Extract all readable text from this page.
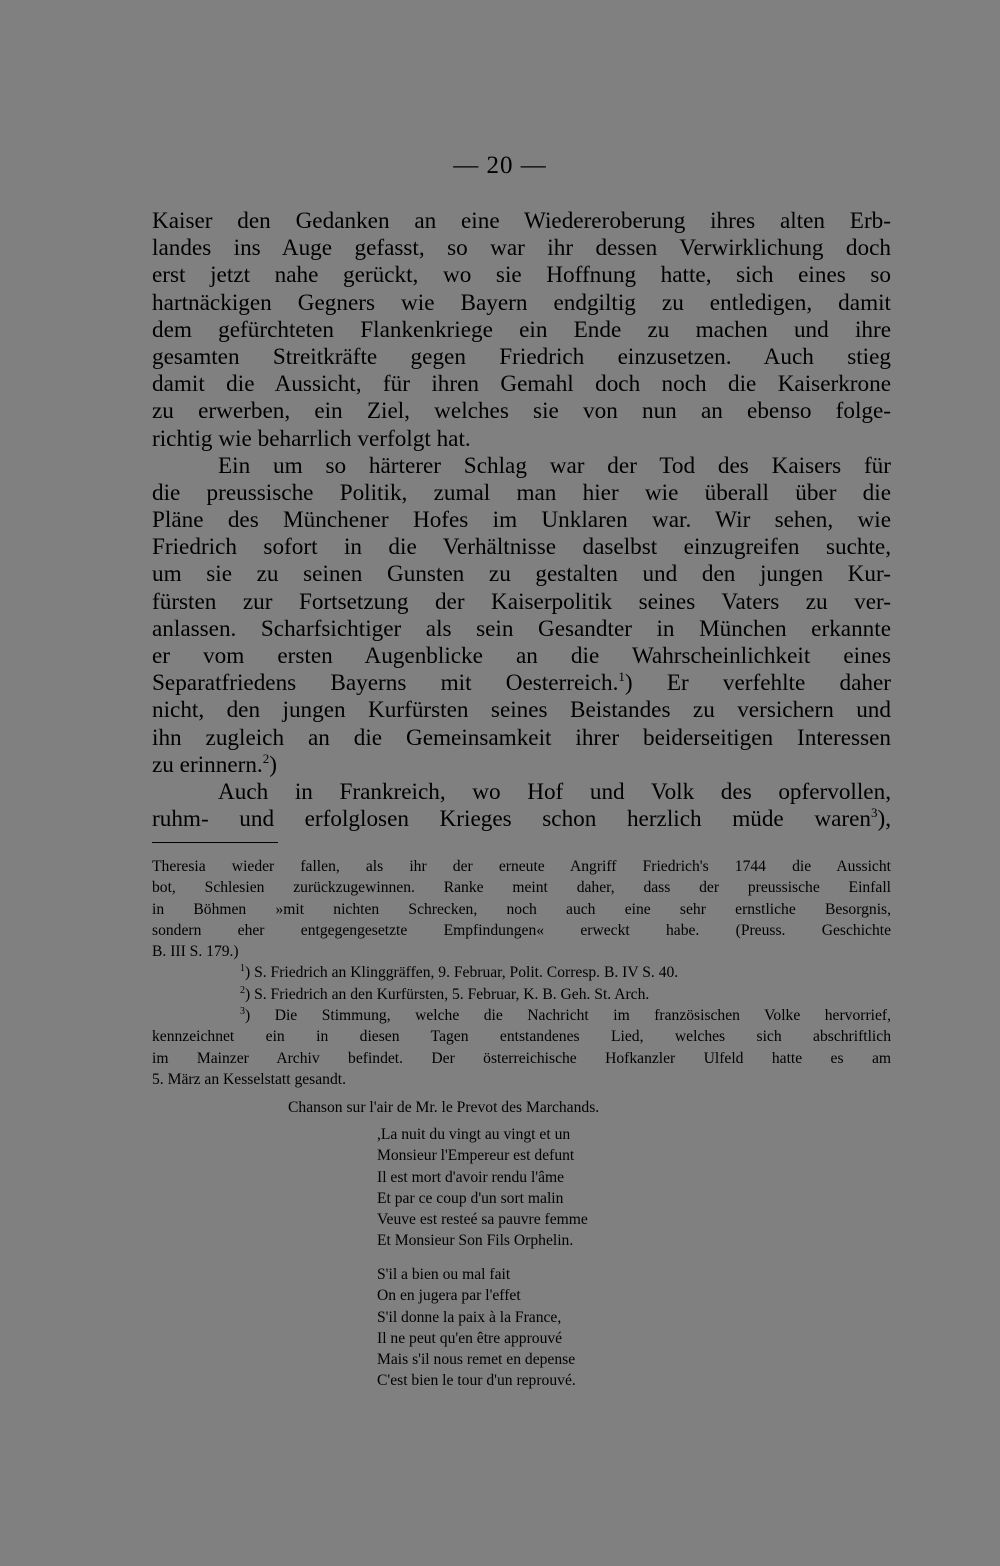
— 20 —
Kaiser den Gedanken an eine Wiedereroberung ihres alten Erb-
landes ins Auge gefasst, so war ihr dessen Verwirklichung doch
erst jetzt nahe gerückt, wo sie Hoffnung hatte, sich eines so
hartnäckigen Gegners wie Bayern endgiltig zu entledigen, damit
dem gefürchteten Flankenkriege ein Ende zu machen und ihre
gesamten Streitkräfte gegen Friedrich einzusetzen. Auch stieg
damit die Aussicht, für ihren Gemahl doch noch die Kaiserkrone
zu erwerben, ein Ziel, welches sie von nun an ebenso folge-
richtig wie beharrlich verfolgt hat.
Ein um so härterer Schlag war der Tod des Kaisers für
die preussische Politik, zumal man hier wie überall über die
Pläne des Münchener Hofes im Unklaren war. Wir sehen, wie
Friedrich sofort in die Verhältnisse daselbst einzugreifen suchte,
um sie zu seinen Gunsten zu gestalten und den jungen Kur-
fürsten zur Fortsetzung der Kaiserpolitik seines Vaters zu ver-
anlassen. Scharfsichtiger als sein Gesandter in München erkannte
er vom ersten Augenblicke an die Wahrscheinlichkeit eines
Separatfriedens Bayerns mit Oesterreich.$^1$) Er verfehlte daher
nicht, den jungen Kurfürsten seines Beistandes zu versichern und
ihn zugleich an die Gemeinsamkeit ihrer beiderseitigen Interessen
zu erinnern.$^2$)
Auch in Frankreich, wo Hof und Volk des opfervollen,
ruhm- und erfolglosen Krieges schon herzlich müde waren$^3$),
Theresia wieder fallen, als ihr der erneute Angriff Friedrich's 1744 die Aussicht
bot, Schlesien zurückzugewinnen. Ranke meint daher, dass der preussische Einfall
in Böhmen »mit nichten Schrecken, noch auch eine sehr ernstliche Besorgnis,
sondern eher entgegengesetzte Empfindungen« erweckt habe. (Preuss. Geschichte
B. III S. 179.)
$^1$) S. Friedrich an Klinggräffen, 9. Februar, Polit. Corresp. B. IV S. 40.
$^2$) S. Friedrich an den Kurfürsten, 5. Februar, K. B. Geh. St. Arch.
$^3$) Die Stimmung, welche die Nachricht im französischen Volke hervorrief,
kennzeichnet ein in diesen Tagen entstandenes Lied, welches sich abschriftlich
im Mainzer Archiv befindet. Der österreichische Hofkanzler Ulfeld hatte es am
5. März an Kesselstatt gesandt.
Chanson sur l'air de Mr. le Prevot des Marchands.
,La nuit du vingt au vingt et un
Monsieur l'Empereur est defunt
Il est mort d'avoir rendu l'âme
Et par ce coup d'un sort malin
Veuve est resteé sa pauvre femme
Et Monsieur Son Fils Orphelin.
S'il a bien ou mal fait
On en jugera par l'effet
S'il donne la paix à la France,
Il ne peut qu'en être approuvé
Mais s'il nous remet en depense
C'est bien le tour d'un reprouvé.
